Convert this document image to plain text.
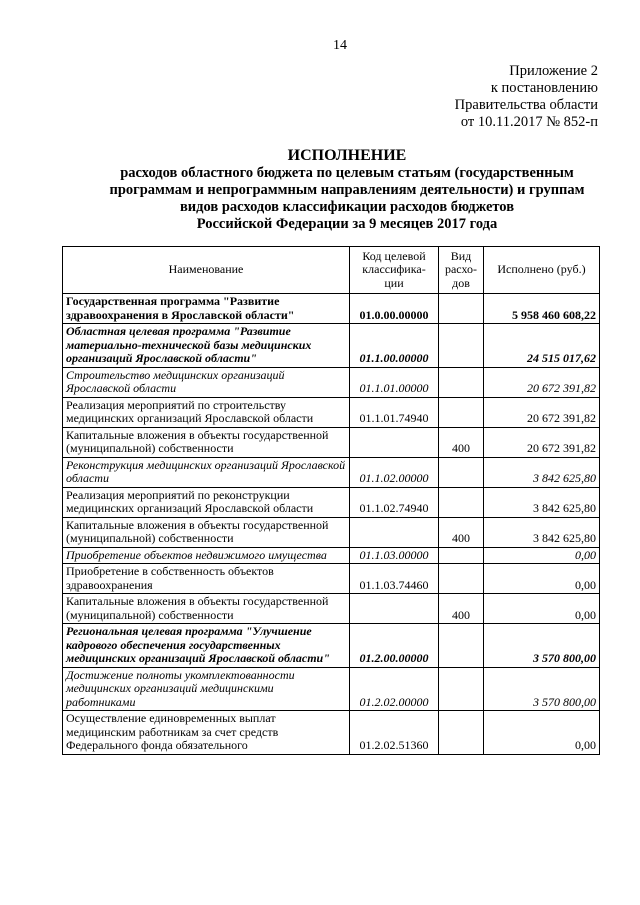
14
Приложение 2
к постановлению
Правительства области
от 10.11.2017 № 852-п
ИСПОЛНЕНИЕ
расходов областного бюджета по целевым статьям (государственным
программам и непрограммным направлениям деятельности) и группам
видов расходов классификации расходов бюджетов
Российской Федерации за 9 месяцев 2017 года
Наименование	Код целевой классифика-ции	Вид расхо-дов	Исполнено (руб.)
Государственная программа "Развитие здравоохранения в Ярославской области"	01.0.00.00000		5 958 460 608,22
Областная целевая программа "Развитие материально-технической базы медицинских организаций Ярославской области"	01.1.00.00000		24 515 017,62
Строительство медицинских организаций Ярославской области	01.1.01.00000		20 672 391,82
Реализация мероприятий по строительству медицинских организаций Ярославской области	01.1.01.74940		20 672 391,82
Капитальные вложения в объекты государственной (муниципальной) собственности		400	20 672 391,82
Реконструкция медицинских организаций Ярославской области	01.1.02.00000		3 842 625,80
Реализация мероприятий по реконструкции медицинских организаций Ярославской области	01.1.02.74940		3 842 625,80
Капитальные вложения в объекты государственной (муниципальной) собственности		400	3 842 625,80
Приобретение объектов недвижимого имущества	01.1.03.00000		0,00
Приобретение в собственность объектов здравоохранения	01.1.03.74460		0,00
Капитальные вложения в объекты государственной (муниципальной) собственности		400	0,00
Региональная целевая программа "Улучшение кадрового обеспечения государственных медицинских организаций Ярославской области"	01.2.00.00000		3 570 800,00
Достижение полноты укомплектованности медицинских организаций медицинскими работниками	01.2.02.00000		3 570 800,00
Осуществление единовременных выплат медицинским работникам за счет средств Федерального фонда обязательного	01.2.02.51360		0,00
